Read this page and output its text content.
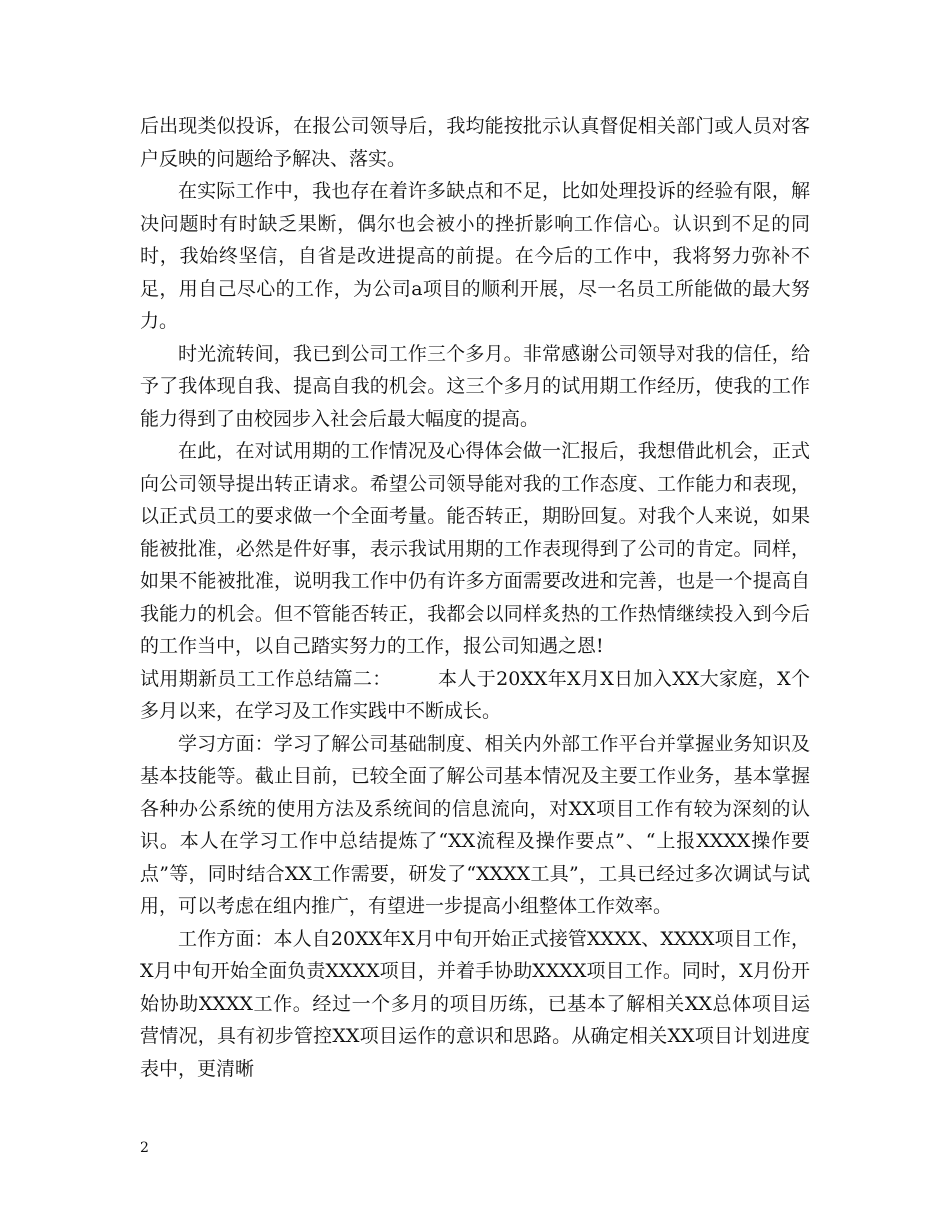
后出现类似投诉，在报公司领导后，我均能按批示认真督促相关部门或人员对客户反映的问题给予解决、落实。

在实际工作中，我也存在着许多缺点和不足，比如处理投诉的经验有限，解决问题时有时缺乏果断，偶尔也会被小的挫折影响工作信心。认识到不足的同时，我始终坚信，自省是改进提高的前提。在今后的工作中，我将努力弥补不足，用自己尽心的工作，为公司a项目的顺利开展，尽一名员工所能做的最大努力。

时光流转间，我已到公司工作三个多月。非常感谢公司领导对我的信任，给予了我体现自我、提高自我的机会。这三个多月的试用期工作经历，使我的工作能力得到了由校园步入社会后最大幅度的提高。

在此，在对试用期的工作情况及心得体会做一汇报后，我想借此机会，正式向公司领导提出转正请求。希望公司领导能对我的工作态度、工作能力和表现，以正式员工的要求做一个全面考量。能否转正，期盼回复。对我个人来说，如果能被批准，必然是件好事，表示我试用期的工作表现得到了公司的肯定。同样，如果不能被批准，说明我工作中仍有许多方面需要改进和完善，也是一个提高自我能力的机会。但不管能否转正，我都会以同样炙热的工作热情继续投入到今后的工作当中，以自己踏实努力的工作，报公司知遇之恩!

试用期新员工工作总结篇二： 本人于20XX年X月X日加入XX大家庭，X个多月以来，在学习及工作实践中不断成长。

学习方面：学习了解公司基础制度、相关内外部工作平台并掌握业务知识及基本技能等。截止目前，已较全面了解公司基本情况及主要工作业务，基本掌握各种办公系统的使用方法及系统间的信息流向，对XX项目工作有较为深刻的认识。本人在学习工作中总结提炼了“XX流程及操作要点”、“上报XXXX操作要点”等，同时结合XX工作需要，研发了“XXXX工具”，工具已经过多次调试与试用，可以考虑在组内推广，有望进一步提高小组整体工作效率。

工作方面：本人自20XX年X月中旬开始正式接管XXXX、XXXX项目工作，X月中旬开始全面负责XXXX项目，并着手协助XXXX项目工作。同时，X月份开始协助XXXX工作。经过一个多月的项目历练，已基本了解相关XX总体项目运营情况，具有初步管控XX项目运作的意识和思路。从确定相关XX项目计划进度表中，更清晰

2
